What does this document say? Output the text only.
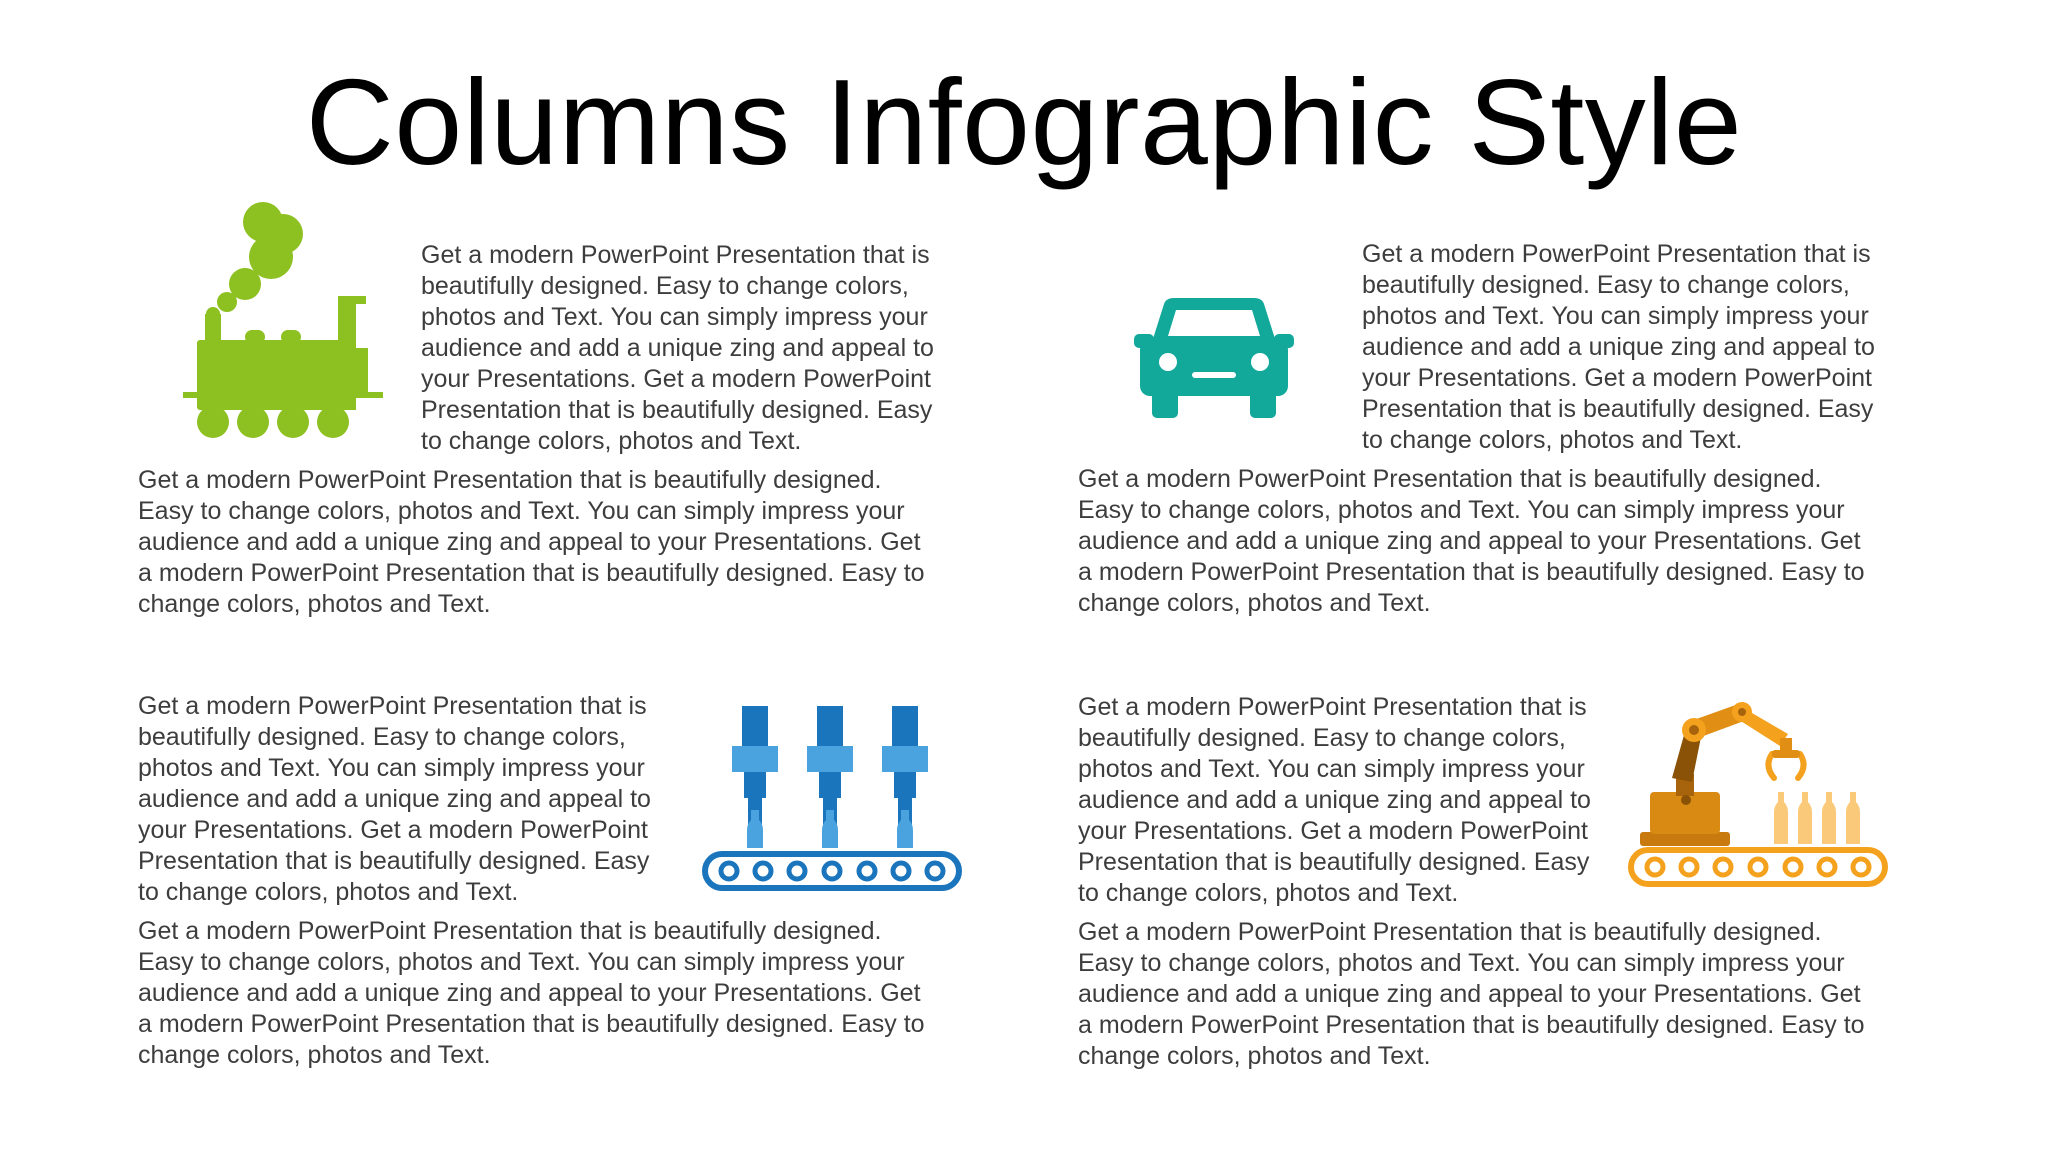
Columns Infographic Style

Get a modern PowerPoint Presentation that is
beautifully designed. Easy to change colors,
photos and Text. You can simply impress your
audience and add a unique zing and appeal to
your Presentations. Get a modern PowerPoint
Presentation that is beautifully designed. Easy
to change colors, photos and Text.

Get a modern PowerPoint Presentation that is beautifully designed.
Easy to change colors, photos and Text. You can simply impress your
audience and add a unique zing and appeal to your Presentations. Get
a modern PowerPoint Presentation that is beautifully designed. Easy to
change colors, photos and Text.

Get a modern PowerPoint Presentation that is
beautifully designed. Easy to change colors,
photos and Text. You can simply impress your
audience and add a unique zing and appeal to
your Presentations. Get a modern PowerPoint
Presentation that is beautifully designed. Easy
to change colors, photos and Text.

Get a modern PowerPoint Presentation that is beautifully designed.
Easy to change colors, photos and Text. You can simply impress your
audience and add a unique zing and appeal to your Presentations. Get
a modern PowerPoint Presentation that is beautifully designed. Easy to
change colors, photos and Text.

Get a modern PowerPoint Presentation that is
beautifully designed. Easy to change colors,
photos and Text. You can simply impress your
audience and add a unique zing and appeal to
your Presentations. Get a modern PowerPoint
Presentation that is beautifully designed. Easy
to change colors, photos and Text.

Get a modern PowerPoint Presentation that is beautifully designed.
Easy to change colors, photos and Text. You can simply impress your
audience and add a unique zing and appeal to your Presentations. Get
a modern PowerPoint Presentation that is beautifully designed. Easy to
change colors, photos and Text.

Get a modern PowerPoint Presentation that is
beautifully designed. Easy to change colors,
photos and Text. You can simply impress your
audience and add a unique zing and appeal to
your Presentations. Get a modern PowerPoint
Presentation that is beautifully designed. Easy
to change colors, photos and Text.

Get a modern PowerPoint Presentation that is beautifully designed.
Easy to change colors, photos and Text. You can simply impress your
audience and add a unique zing and appeal to your Presentations. Get
a modern PowerPoint Presentation that is beautifully designed. Easy to
change colors, photos and Text.
